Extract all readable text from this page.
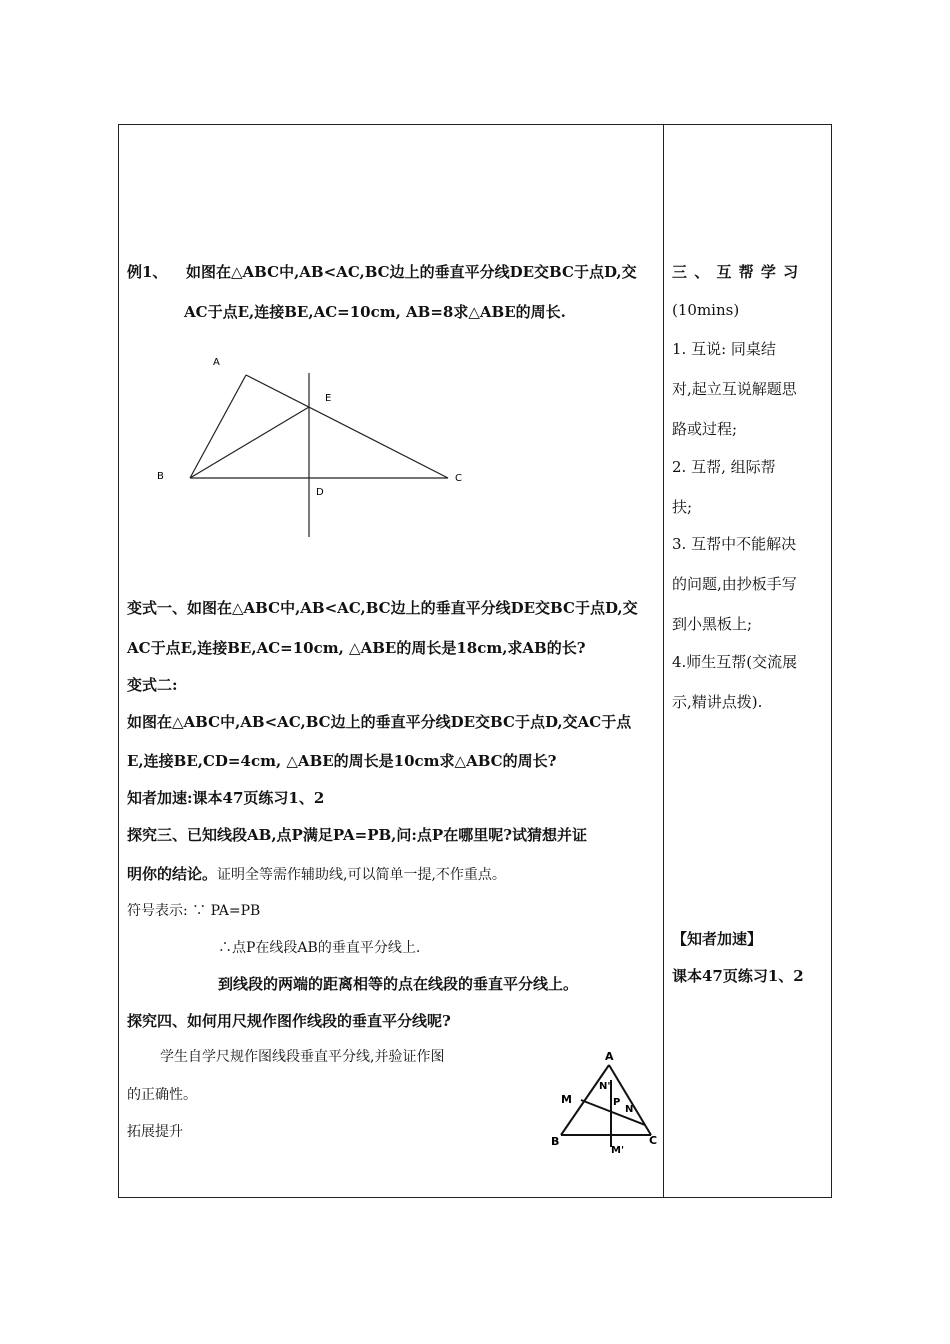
例1、 如图在△ABC中,AB<AC,BC边上的垂直平分线DE交BC于点D,交
AC于点E,连接BE,AC=10cm, AB=8求△ABE的周长.
A
E
B	C
D
变式一、如图在△ABC中,AB<AC,BC边上的垂直平分线DE交BC于点D,交
AC于点E,连接BE,AC=10cm, △ABE的周长是18cm,求AB的长?
变式二:
如图在△ABC中,AB<AC,BC边上的垂直平分线DE交BC于点D,交AC于点
E,连接BE,CD=4cm, △ABE的周长是10cm求△ABC的周长?
知者加速:课本47页练习1、2
探究三、已知线段AB,点P满足PA=PB,问:点P在哪里呢?试猜想并证
明你的结论。证明全等需作辅助线,可以简单一提,不作重点。
符号表示: ∵ PA=PB
∴点P在线段AB的垂直平分线上.
到线段的两端的距离相等的点在线段的垂直平分线上。
探究四、如何用尺规作图作线段的垂直平分线呢?
学生自学尺规作图线段垂直平分线,并验证作图
的正确性。
拓展提升
A
N'
M	P
N
B	C
M'
三 、 互 帮 学 习
(10mins)
1. 互说: 同桌结
对,起立互说解题思
路或过程;
2. 互帮, 组际帮
扶;
3. 互帮中不能解决
的问题,由抄板手写
到小黑板上;
4.师生互帮(交流展
示,精讲点拨).
【知者加速】
课本47页练习1、2
